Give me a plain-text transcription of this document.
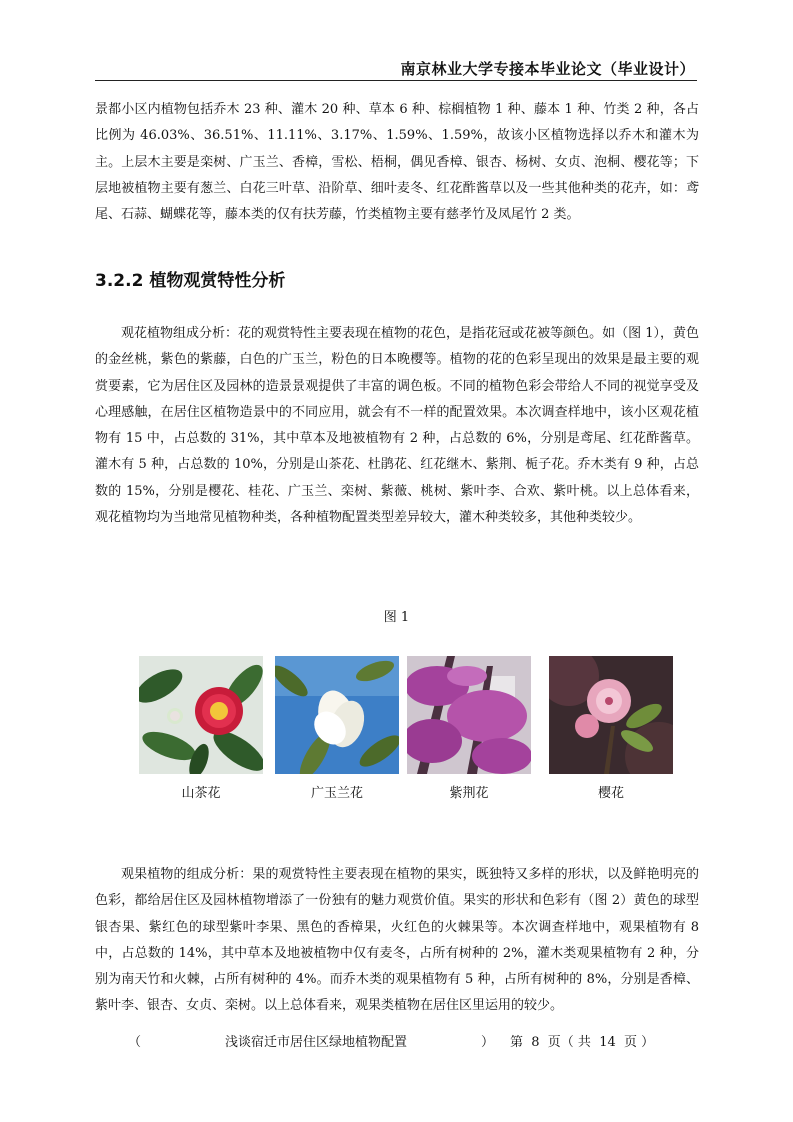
南京林业大学专接本毕业论文（毕业设计）

景都小区内植物包括乔木 23 种、灌木 20 种、草本 6 种、棕榈植物 1 种、藤本 1 种、竹类 2 种，各占比例为 46.03%、36.51%、11.11%、3.17%、1.59%、1.59%，故该小区植物选择以乔木和灌木为主。上层木主要是栾树、广玉兰、香樟，雪松、梧桐，偶见香樟、银杏、杨树、女贞、泡桐、樱花等；下层地被植物主要有葱兰、白花三叶草、沿阶草、细叶麦冬、红花酢酱草以及一些其他种类的花卉，如：鸢尾、石蒜、蝴蝶花等，藤本类的仅有扶芳藤，竹类植物主要有慈孝竹及凤尾竹 2 类。

3.2.2 植物观赏特性分析

观花植物组成分析：花的观赏特性主要表现在植物的花色，是指花冠或花被等颜色。如（图 1），黄色的金丝桃，紫色的紫藤，白色的广玉兰，粉色的日本晚樱等。植物的花的色彩呈现出的效果是最主要的观赏要素，它为居住区及园林的造景景观提供了丰富的调色板。不同的植物色彩会带给人不同的视觉享受及心理感触，在居住区植物造景中的不同应用，就会有不一样的配置效果。本次调查样地中，该小区观花植物有 15 中，占总数的 31%，其中草本及地被植物有 2 种，占总数的 6%，分别是鸢尾、红花酢酱草。灌木有 5 种，占总数的 10%，分别是山茶花、杜鹃花、红花继木、紫荆、栀子花。乔木类有 9 种，占总数的 15%，分别是樱花、桂花、广玉兰、栾树、紫薇、桃树、紫叶李、合欢、紫叶桃。以上总体看来，观花植物均为当地常见植物种类，各种植物配置类型差异较大，灌木种类较多，其他种类较少。

图 1
山茶花	广玉兰花	紫荆花	樱花

观果植物的组成分析：果的观赏特性主要表现在植物的果实，既独特又多样的形状，以及鲜艳明亮的色彩，都给居住区及园林植物增添了一份独有的魅力观赏价值。果实的形状和色彩有（图 2）黄色的球型银杏果、紫红色的球型紫叶李果、黑色的香樟果，火红色的火棘果等。本次调查样地中，观果植物有 8 中，占总数的 14%，其中草本及地被植物中仅有麦冬，占所有树种的 2%，灌木类观果植物有 2 种，分别为南天竹和火棘，占所有树种的 4%。而乔木类的观果植物有 5 种，占所有树种的 8%，分别是香樟、紫叶李、银杏、女贞、栾树。以上总体看来，观果类植物在居住区里运用的较少。

（	浅谈宿迁市居住区绿地植物配置	） 第  8  页（ 共  14  页 ）
